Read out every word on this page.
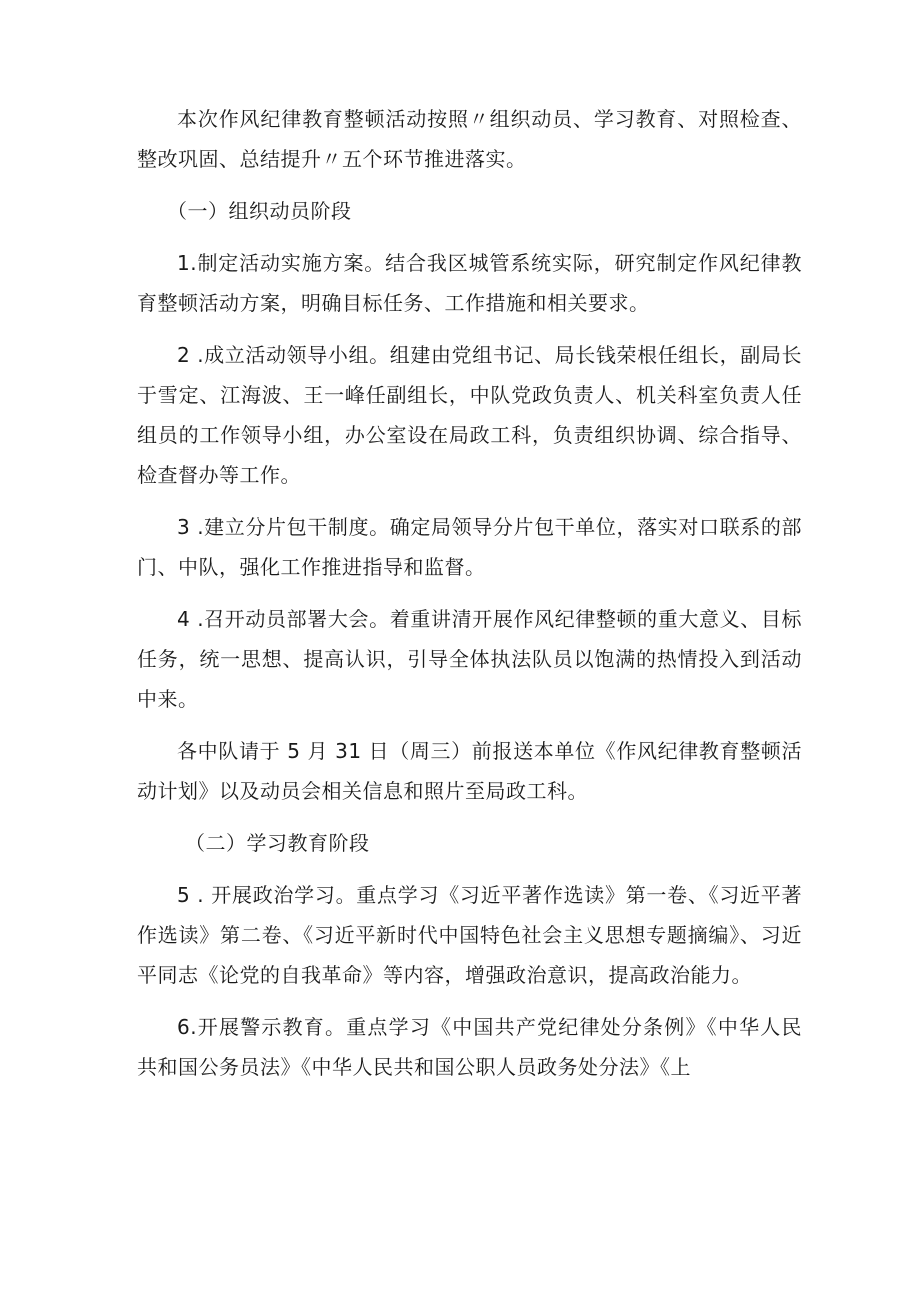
本次作风纪律教育整顿活动按照〃组织动员、学习教育、对照检查、整改巩固、总结提升〃五个环节推进落实。

（一）组织动员阶段

1.制定活动实施方案。结合我区城管系统实际，研究制定作风纪律教育整顿活动方案，明确目标任务、工作措施和相关要求。

2 .成立活动领导小组。组建由党组书记、局长钱荣根任组长，副局长于雪定、江海波、王一峰任副组长，中队党政负责人、机关科室负责人任组员的工作领导小组，办公室设在局政工科，负责组织协调、综合指导、检查督办等工作。

3 .建立分片包干制度。确定局领导分片包干单位，落实对口联系的部门、中队，强化工作推进指导和监督。

4 .召开动员部署大会。着重讲清开展作风纪律整顿的重大意义、目标任务，统一思想、提高认识，引导全体执法队员以饱满的热情投入到活动中来。

各中队请于 5 月 31 日（周三）前报送本单位《作风纪律教育整顿活动计划》以及动员会相关信息和照片至局政工科。

（二）学习教育阶段

5 . 开展政治学习。重点学习《习近平著作选读》第一卷、《习近平著作选读》第二卷、《习近平新时代中国特色社会主义思想专题摘编》、习近平同志《论党的自我革命》等内容，增强政治意识，提高政治能力。

6.开展警示教育。重点学习《中国共产党纪律处分条例》《中华人民共和国公务员法》《中华人民共和国公职人员政务处分法》《上
